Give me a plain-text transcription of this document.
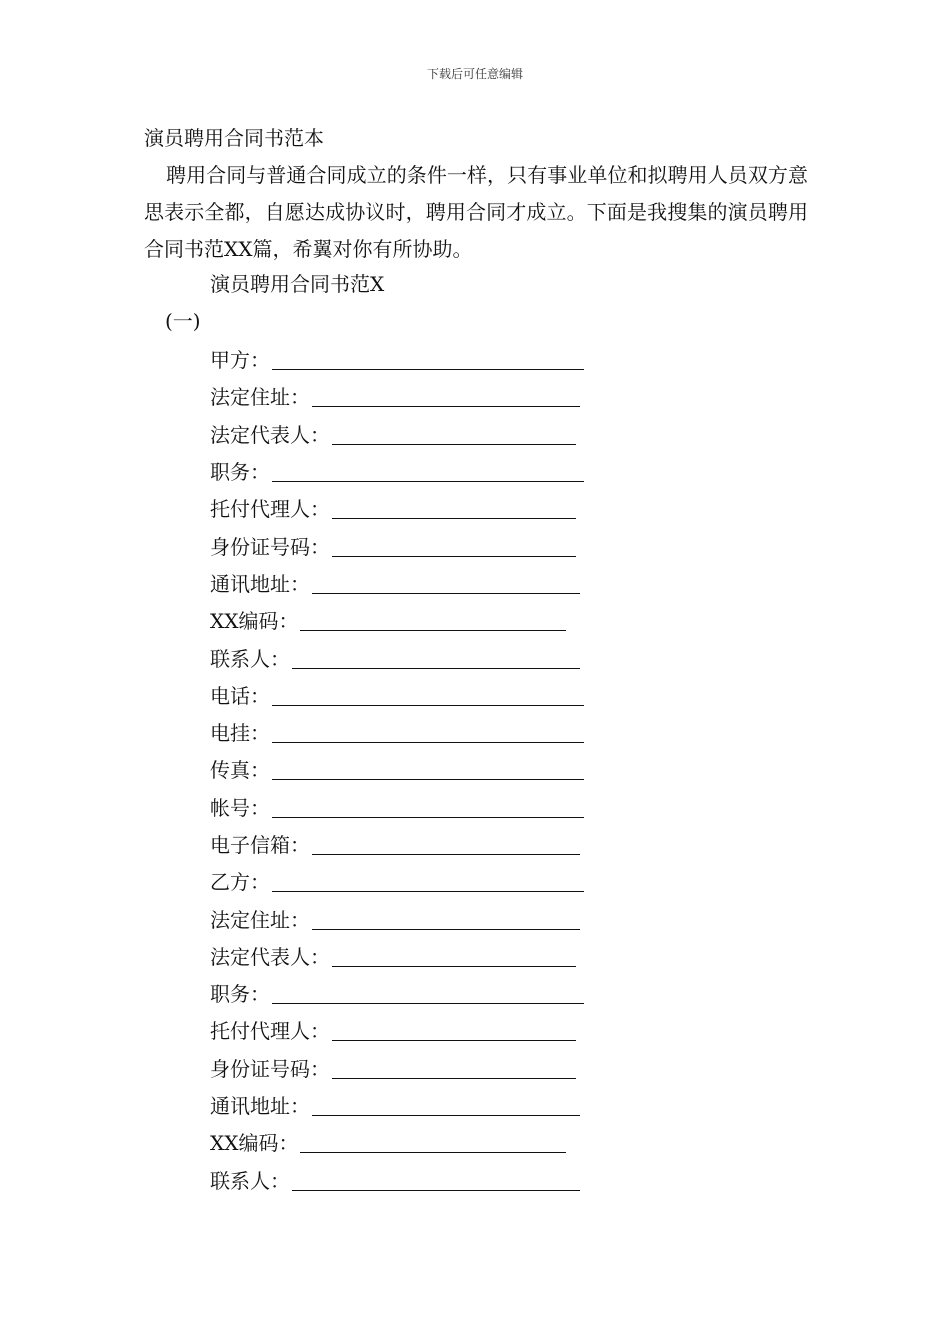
下载后可任意编辑
演员聘用合同书范本

聘用合同与普通合同成立的条件一样，只有事业单位和拟聘用人员双方意思表示全都，自愿达成协议时，聘用合同才成立。下面是我搜集的演员聘用合同书范XX篇，希翼对你有所协助。

演员聘用合同书范X
(一)
甲方：
法定住址：
法定代表人：
职务：
托付代理人：
身份证号码：
通讯地址：
XX编码：
联系人：
电话：
电挂：
传真：
帐号：
电子信箱：
乙方：
法定住址：
法定代表人：
职务：
托付代理人：
身份证号码：
通讯地址：
XX编码：
联系人：
